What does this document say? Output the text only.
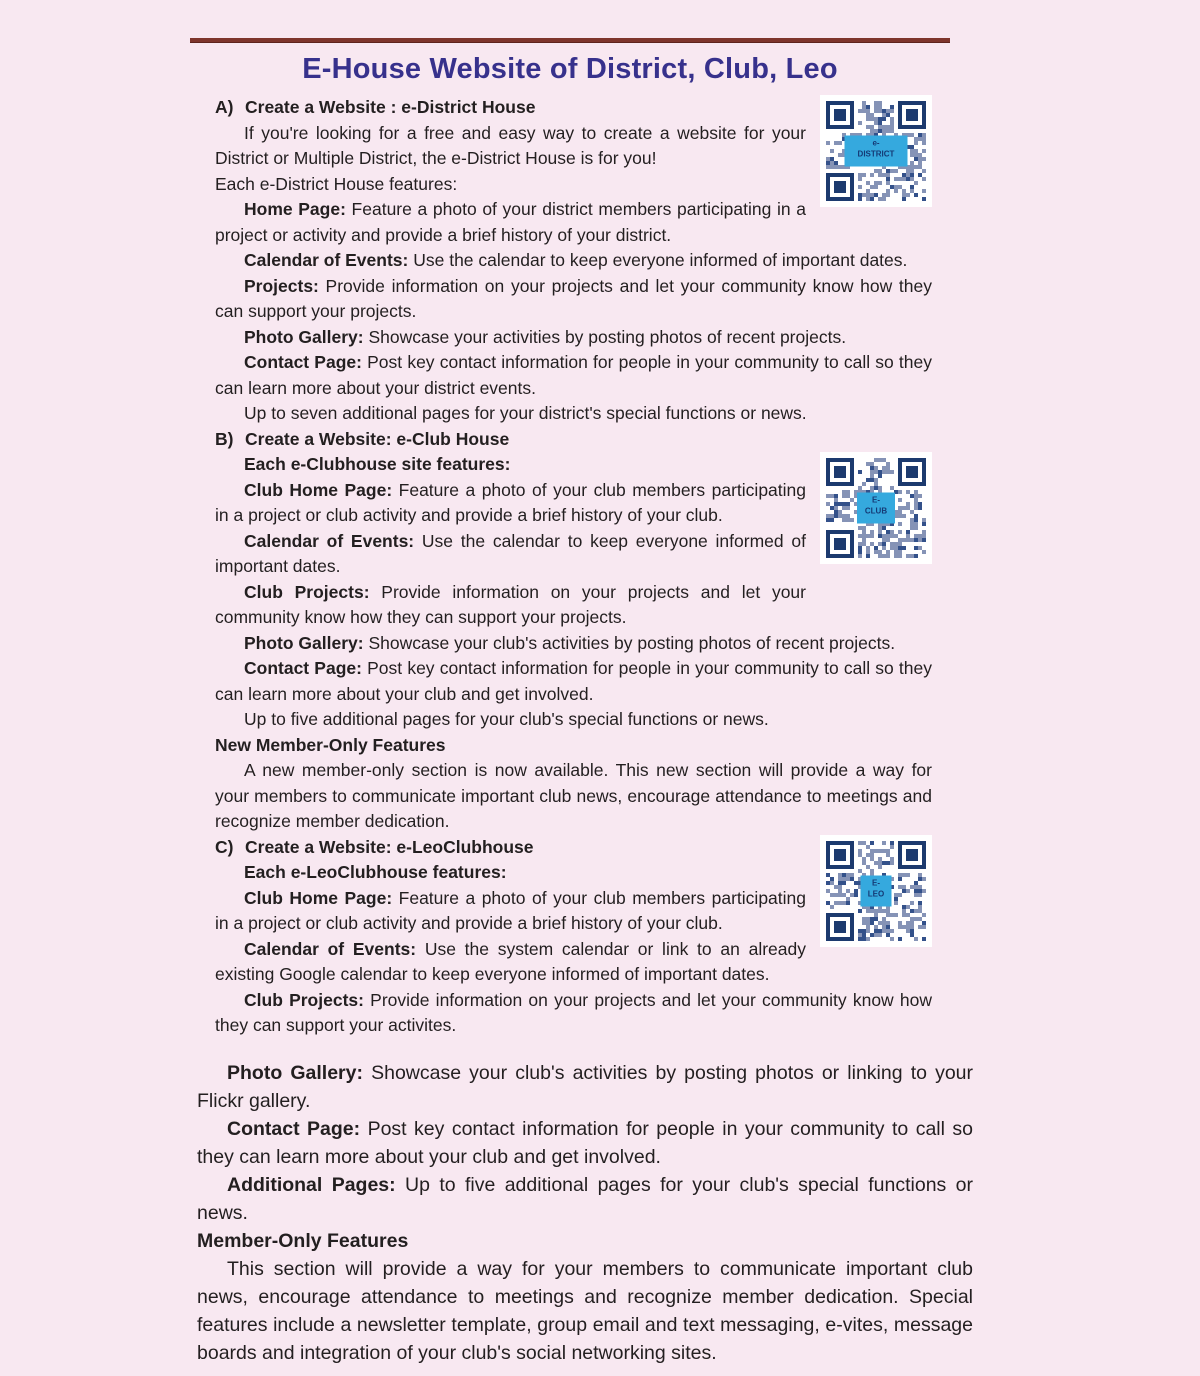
E-House Website of District, Club, Leo
e-
DISTRICT

A) Create a Website : e-District House

If you're looking for a free and easy way to create a website for your District or Multiple District, the e-District House is for you!

Each e-District House features:

Home Page: Feature a photo of your district members participating in a project or activity and provide a brief history of your district.

Calendar of Events: Use the calendar to keep everyone informed of important dates.

Projects: Provide information on your projects and let your community know how they can support your projects.

Photo Gallery: Showcase your activities by posting photos of recent projects.

Contact Page: Post key contact information for people in your community to call so they can learn more about your district events.

Up to seven additional pages for your district's special functions or news.

B) Create a Website: e-Club House

E-
CLUB

Each e-Clubhouse site features:

Club Home Page: Feature a photo of your club members participating in a project or club activity and provide a brief history of your club.

Calendar of Events: Use the calendar to keep everyone informed of important dates.

Club Projects: Provide information on your projects and let your community know how they can support your projects.

Photo Gallery: Showcase your club's activities by posting photos of recent projects.

Contact Page: Post key contact information for people in your community to call so they can learn more about your club and get involved.

Up to five additional pages for your club's special functions or news.

New Member-Only Features

A new member-only section is now available. This new section will provide a way for your members to communicate important club news, encourage attendance to meetings and recognize member dedication.

E-
LEO

C) Create a Website: e-LeoClubhouse

Each e-LeoClubhouse features:

Club Home Page: Feature a photo of your club members participating in a project or club activity and provide a brief history of your club.

Calendar of Events: Use the system calendar or link to an already existing Google calendar to keep everyone informed of important dates.

Club Projects: Provide information on your projects and let your community know how they can support your activites.

Photo Gallery: Showcase your club's activities by posting photos or linking to your Flickr gallery.

Contact Page: Post key contact information for people in your community to call so they can learn more about your club and get involved.

Additional Pages: Up to five additional pages for your club's special functions or news.

Member-Only Features

This section will provide a way for your members to communicate important club news, encourage attendance to meetings and recognize member dedication. Special features include a newsletter template, group email and text messaging, e-vites, message boards and integration of your club's social networking sites.
